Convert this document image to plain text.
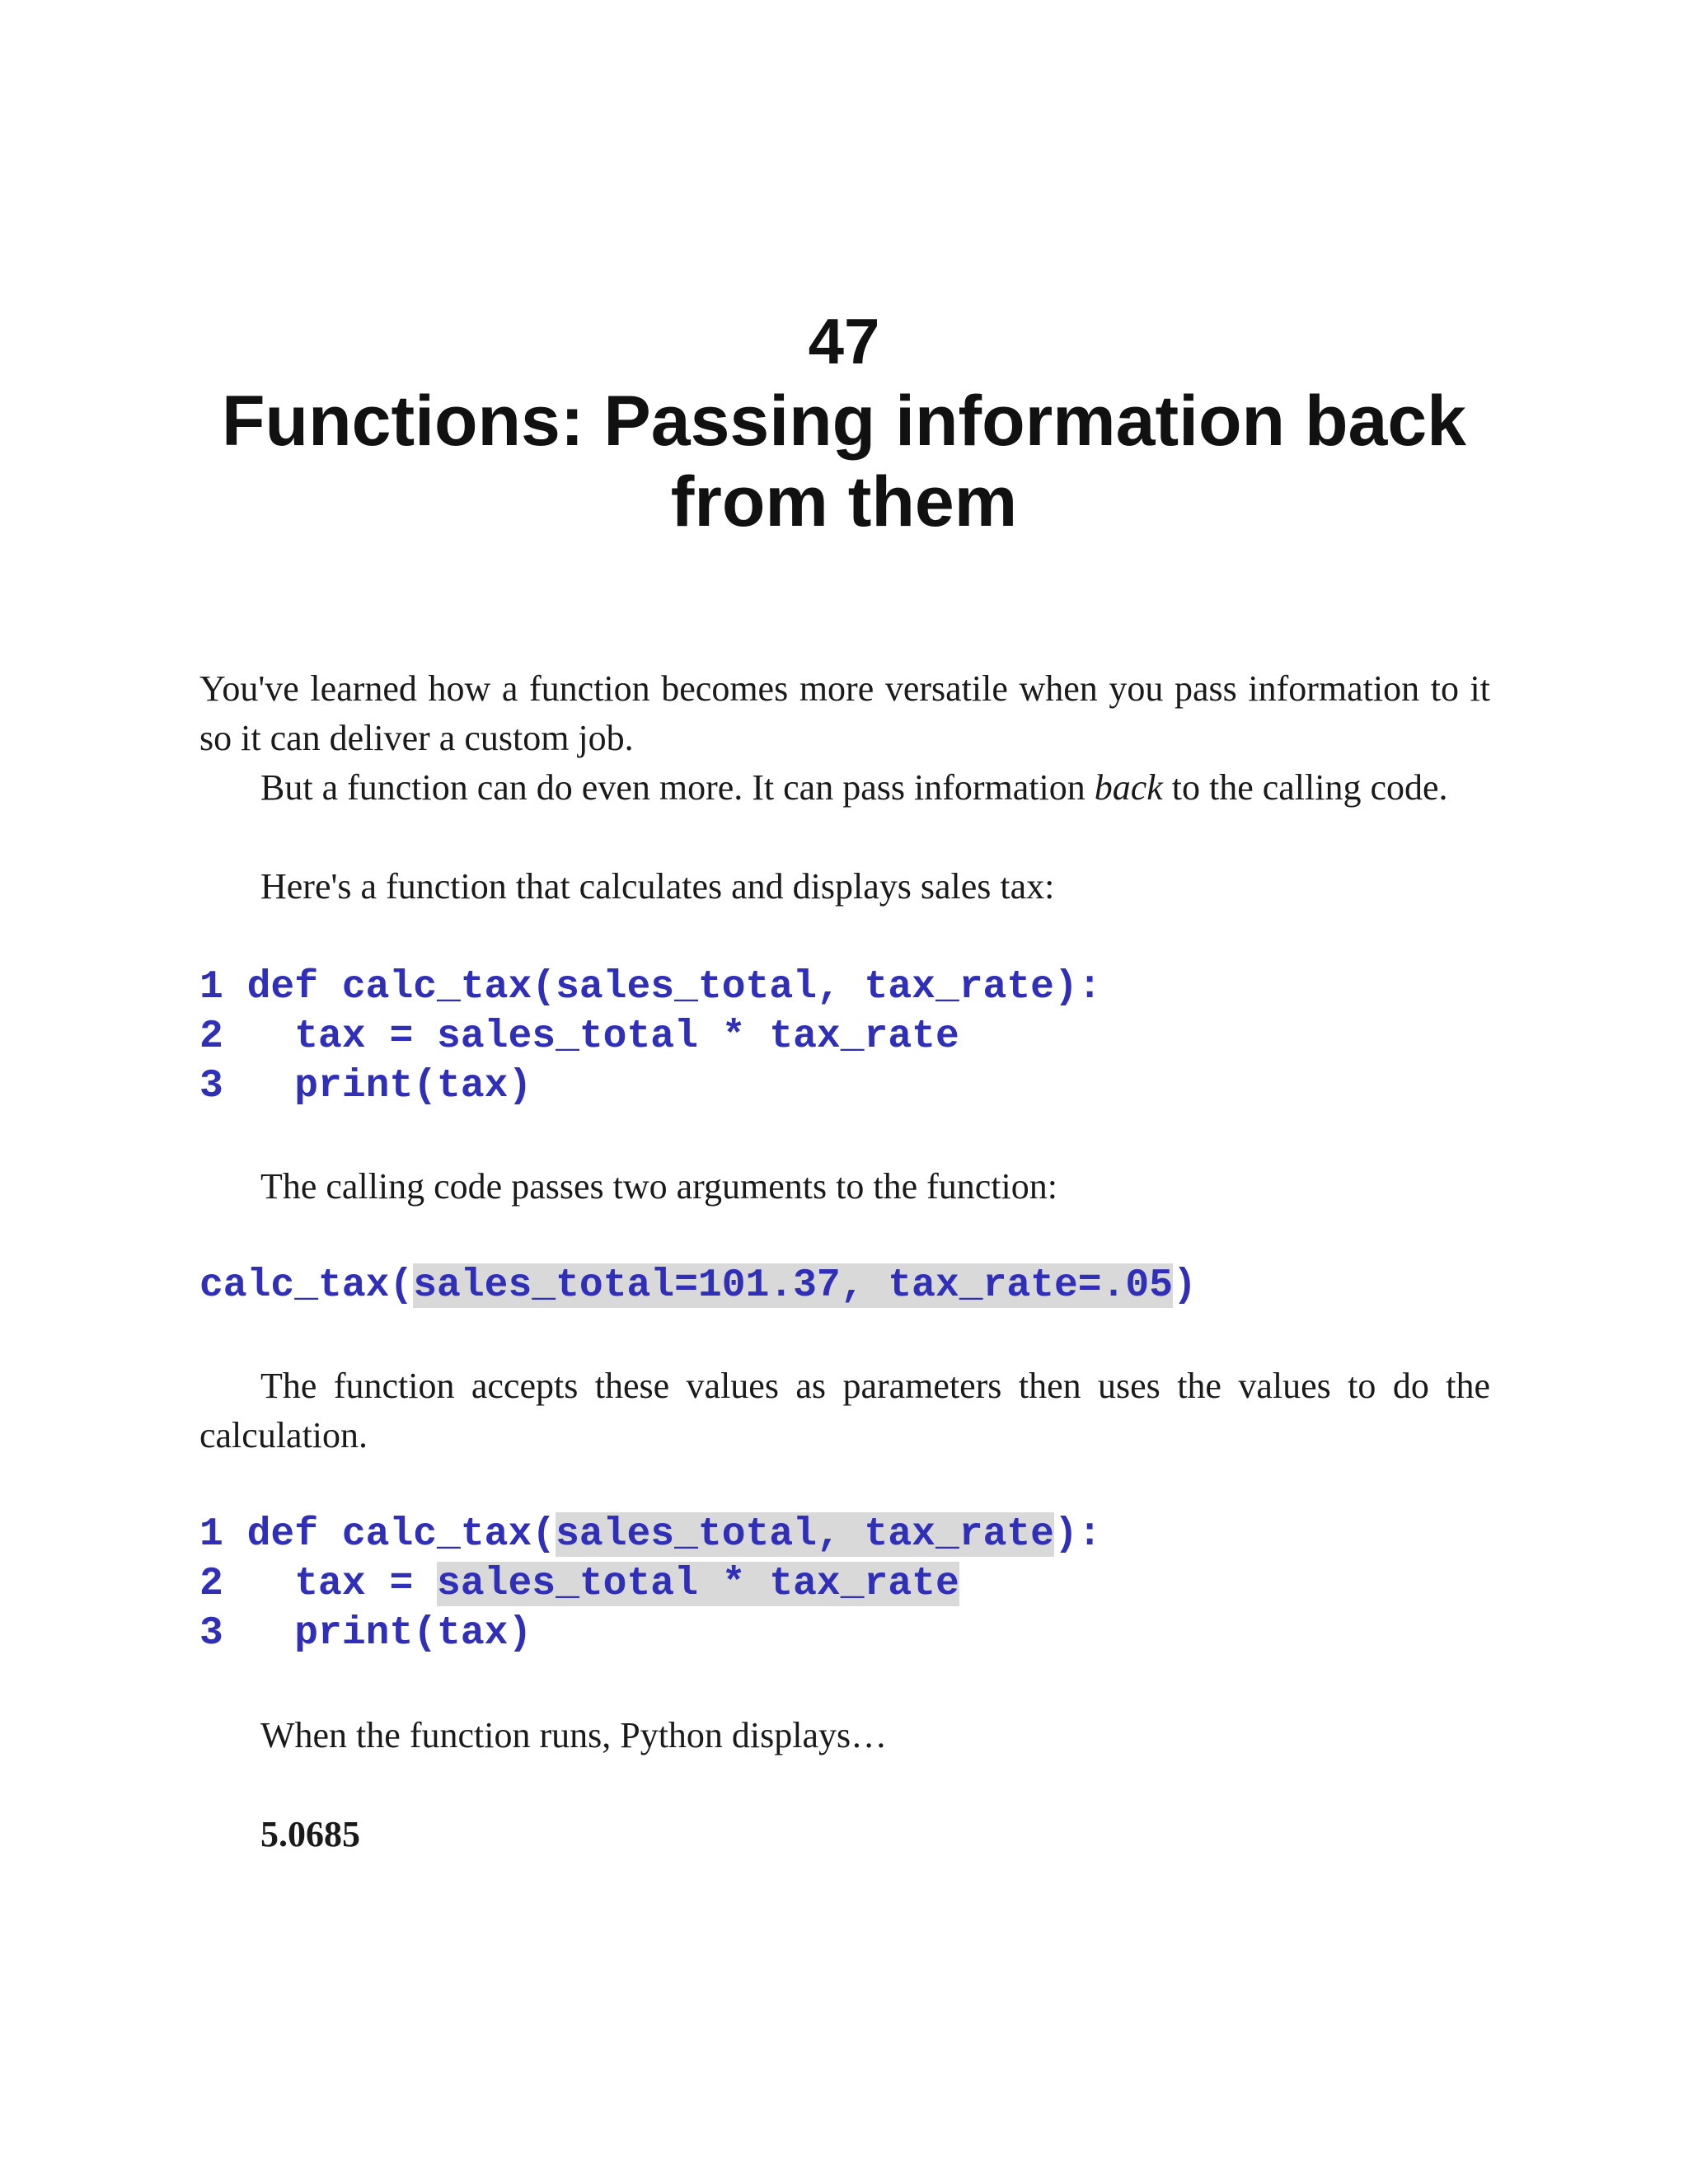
47
Functions: Passing information back
from them

You've learned how a function becomes more versatile when you pass information to it so it can deliver a custom job.

But a function can do even more. It can pass information back to the calling code.

Here's a function that calculates and displays sales tax:

1 def calc_tax(sales_total, tax_rate):
2   tax = sales_total * tax_rate
3   print(tax)

The calling code passes two arguments to the function:

calc_tax(sales_total=101.37, tax_rate=.05)

The function accepts these values as parameters then uses the values to do the calculation.

1 def calc_tax(sales_total, tax_rate):
2   tax = sales_total * tax_rate
3   print(tax)

When the function runs, Python displays…

5.0685
